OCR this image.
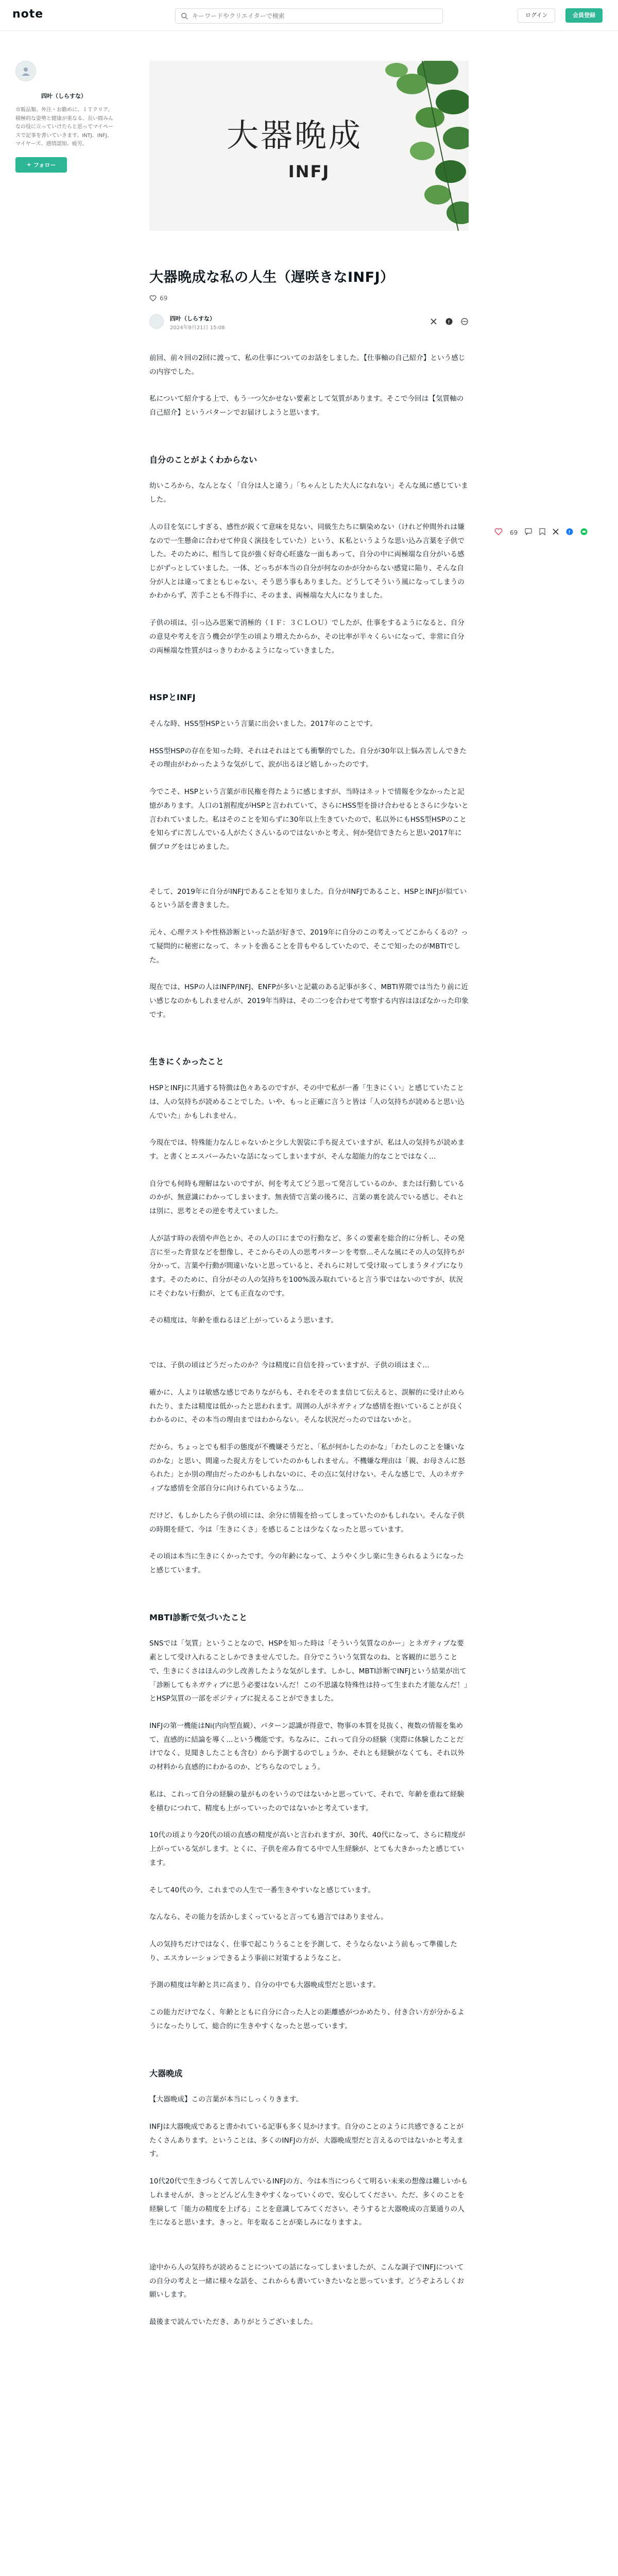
note
キーワードやクリエイターで検索	ログイン	会員登録
四叶（しらすな）
市販品類、外注・お勤めに、ＩＴクリア。積極的な姿勢と健康が重なる、長い間みんなの役に立っていけたらと思ってマイペースで記事を書いていきます。INTJ、INFJ、マイヤーズ、感情認知、疲労。
+ フォロー
大器晩成
INFJ
大器晩成な私の人生（遅咲きなINFJ）
69
四叶（しらすな）
2024年9月21日 15:08
f

前回、前々回の2回に渡って、私の仕事についてのお話をしました。【仕事軸の自己紹介】という感じの内容でした。

私について紹介する上で、もう一つ欠かせない要素として気質があります。そこで今回は【気質軸の自己紹介】というパターンでお届けしようと思います。

自分のことがよくわからない

幼いころから、なんとなく「自分は人と違う」「ちゃんとした大人になれない」そんな風に感じていました。

人の目を気にしすぎる、感性が鋭くて意味を見ない、同級生たちに馴染めない（けれど仲間外れは嫌なので一生懸命に合わせて仲良く演技をしていた）という、Ｋ私というような思い込み言葉を子供でした。そのために、相当して良が強く好奇心旺盛な一面もあって、自分の中に両極端な自分がいる感じがずっとしていました。一体、どっちが本当の自分が何なのかが分からない感覚に陥り、そんな自分が人とは違ってまともじゃない、そう思う事もありました。どうしてそういう風になってしまうのかわからず、苦手ことも不得手に、そのまま、両極端な大人になりました。

子供の頃は、引っ込み思案で消極的（ＩＦ：３ＣＬＯＵ）でしたが、仕事をするようになると、自分の意見や考えを言う機会が学生の頃より増えたからか、その比率が半々くらいになって、非常に自分の両極端な性質がはっきりわかるようになっていきました。

HSPとINFJ

そんな時、HSS型HSPという言葉に出会いました。2017年のことです。

HSS型HSPの存在を知った時、それはそれはとても衝撃的でした。自分が30年以上悩み苦しんできたその理由がわかったような気がして、涙が出るほど嬉しかったのです。

今でこそ、HSPという言葉が市民権を得たように感じますが、当時はネットで情報を少なかったと記憶があります。人口の1割程度がHSPと言われていて、さらにHSS型を掛け合わせるとさらに少ないと言われていました。私はそのことを知らずに30年以上生きていたので、私以外にもHSS型HSPのことを知らずに苦しんでいる人がたくさんいるのではないかと考え、何か発信できたらと思い2017年に個ブログをはじめました。

そして、2019年に自分がINFJであることを知りました。自分がINFJであること、HSPとINFJが似ているという話を書きました。

元々、心理テストや性格診断といった話が好きで、2019年に自分のこの考えってどこからくるの？って疑問的に秘密になって、ネットを漁ることを昔もやるしていたので、そこで知ったのがMBTIでした。

現在では、HSPの人はINFP/INFJ、ENFPが多いと記載のある記事が多く、MBTI界隈では当たり前に近い感じなのかもしれませんが、2019年当時は、その二つを合わせて考察する内容はほぼなかった印象です。

生きにくかったこと

HSPとINFJに共通する特徴は色々あるのですが、その中で私が一番「生きにくい」と感じていたことは、人の気持ちが読めることでした。いや、もっと正確に言うと皆は「人の気持ちが読めると思い込んでいた」かもしれません。

今現在では、特殊能力なんじゃないかと少し大袈裟に手ち捉えていますが、私は人の気持ちが読めます。と書くとエスパーみたいな話になってしまいますが、そんな超能力的なことではなく…

自分でも何時も理解はないのですが、何を考えてどう思って発言しているのか、または行動しているのかが、無意識にわかってしまいます。無表情で言葉の後ろに、言葉の裏を読んでいる感じ。それとは別に、思考とその逆を考えていました。

人が話す時の表情や声色とか、その人の口にまでの行動など、多くの要素を総合的に分析し、その発言に至った背景などを想像し、そこからその人の思考パターンを考察…そんな風にその人の気持ちが分かって、言葉や行動が間違いないと思っていると、それらに対して受け取ってしまうタイプになります。そのために、自分がその人の気持ちを100%汲み取れていると言う事ではないのですが、状況にそぐわない行動が、とても正直なのです。

その精度は、年齢を重ねるほど上がっているよう思います。

では、子供の頃はどうだったのか？今は精度に自信を持っていますが、子供の頃はまぐ…

確かに、人よりは敏感な感じでありながらも、それをそのまま信じて伝えると、誤解的に受け止められたり、または精度は低かったと思われます。周囲の人がネガティブな感情を抱いていることが良くわかるのに、その本当の理由まではわからない。そんな状況だったのではないかと。

だから、ちょっとでも相手の態度が不機嫌そうだと、「私が何かしたのかな」「わたしのことを嫌いなのかな」と思い、間違った捉え方をしていたのかもしれません。不機嫌な理由は「親、お母さんに怒られた」とか別の理由だったのかもしれないのに、その点に気付けない。そんな感じで、人のネガティブな感情を全部自分に向けられているような…

だけど、もしかしたら子供の頃には、余分に情報を拾ってしまっていたのかもしれない。そんな子供の時期を経て、今は「生きにくさ」を感じることは少なくなったと思っています。

その頃は本当に生きにくかったです。今の年齢になって、ようやく少し楽に生きられるようになったと感じています。

MBTI診断で気づいたこと

SNSでは「気質」ということなので、HSPを知った時は「そういう気質なのかー」とネガティブな要素として受け入れることしかできませんでした。自分でこういう気質なのね、と客観的に思うことで、生きにくさはほんの少し改善したような気がします。しかし、MBTI診断でINFJという結果が出て「診断してもネガティブに思う必要はないんだ！この不思議な特殊性は持って生まれた才能なんだ！」とHSP気質の一部をポジティブに捉えることができました。

INFJの第一機能はNi(内向型直観）、パターン認識が得意で、物事の本質を見抜く、複数の情報を集めて、直感的に結論を導く...という機能です。ちなみに、これって自分の経験（実際に体験したことだけでなく、見聞きしたことも含む）から予測するのでしょうか、それとも経験がなくても、それ以外の材料から直感的にわかるのか、どちらなのでしょう。

私は、これって自分の経験の量がものをいうのではないかと思っていて、それで、年齢を重ねて経験を積むにつれて、精度も上がっていったのではないかと考えています。

10代の頃より今20代の頃の直感の精度が高いと言われますが、30代、40代になって、さらに精度が上がっている気がします。とくに、子供を産み育てる中で人生経験が、とても大きかったと感じています。

そして40代の今、これまでの人生で一番生きやすいなと感じています。

なんなら、その能力を活かしまくっていると言っても過言ではありません。

人の気持ちだけではなく、仕事で起こりうることを予測して、そうならないよう前もって準備したり、エスカレーションできるよう事前に対策するようなこと。

予測の精度は年齢と共に高まり、自分の中でも大器晩成型だと思います。

この能力だけでなく、年齢とともに自分に合った人との距離感がつかめたり、付き合い方が分かるようになったりして、総合的に生きやすくなったと思っています。

大器晩成

【大器晩成】この言葉が本当にしっくりきます。

INFJは大器晩成であると書かれている記事も多く見かけます。自分のことのように共感できることがたくさんあります。ということは、多くのINFJの方が、大器晩成型だと言えるのではないかと考えます。

10代20代で生きづらくて苦しんでいるINFJの方、今は本当につらくて明るい未来の想像は難しいかもしれませんが、きっとどんどん生きやすくなっていくので、安心してください。ただ、多くのことを経験して「能力の精度を上げる」ことを意識してみてください。そうすると大器晩成の言葉通りの人生になると思います。きっと。年を取ることが楽しみになりますよ。

途中から人の気持ちが読めることについての話になってしまいましたが、こんな調子でINFJについての自分の考えと一緒に様々な話を、これからも書いていきたいなと思っています。どうぞよろしくお願いします。

最後まで読んでいただき、ありがとうございました。

69	f
